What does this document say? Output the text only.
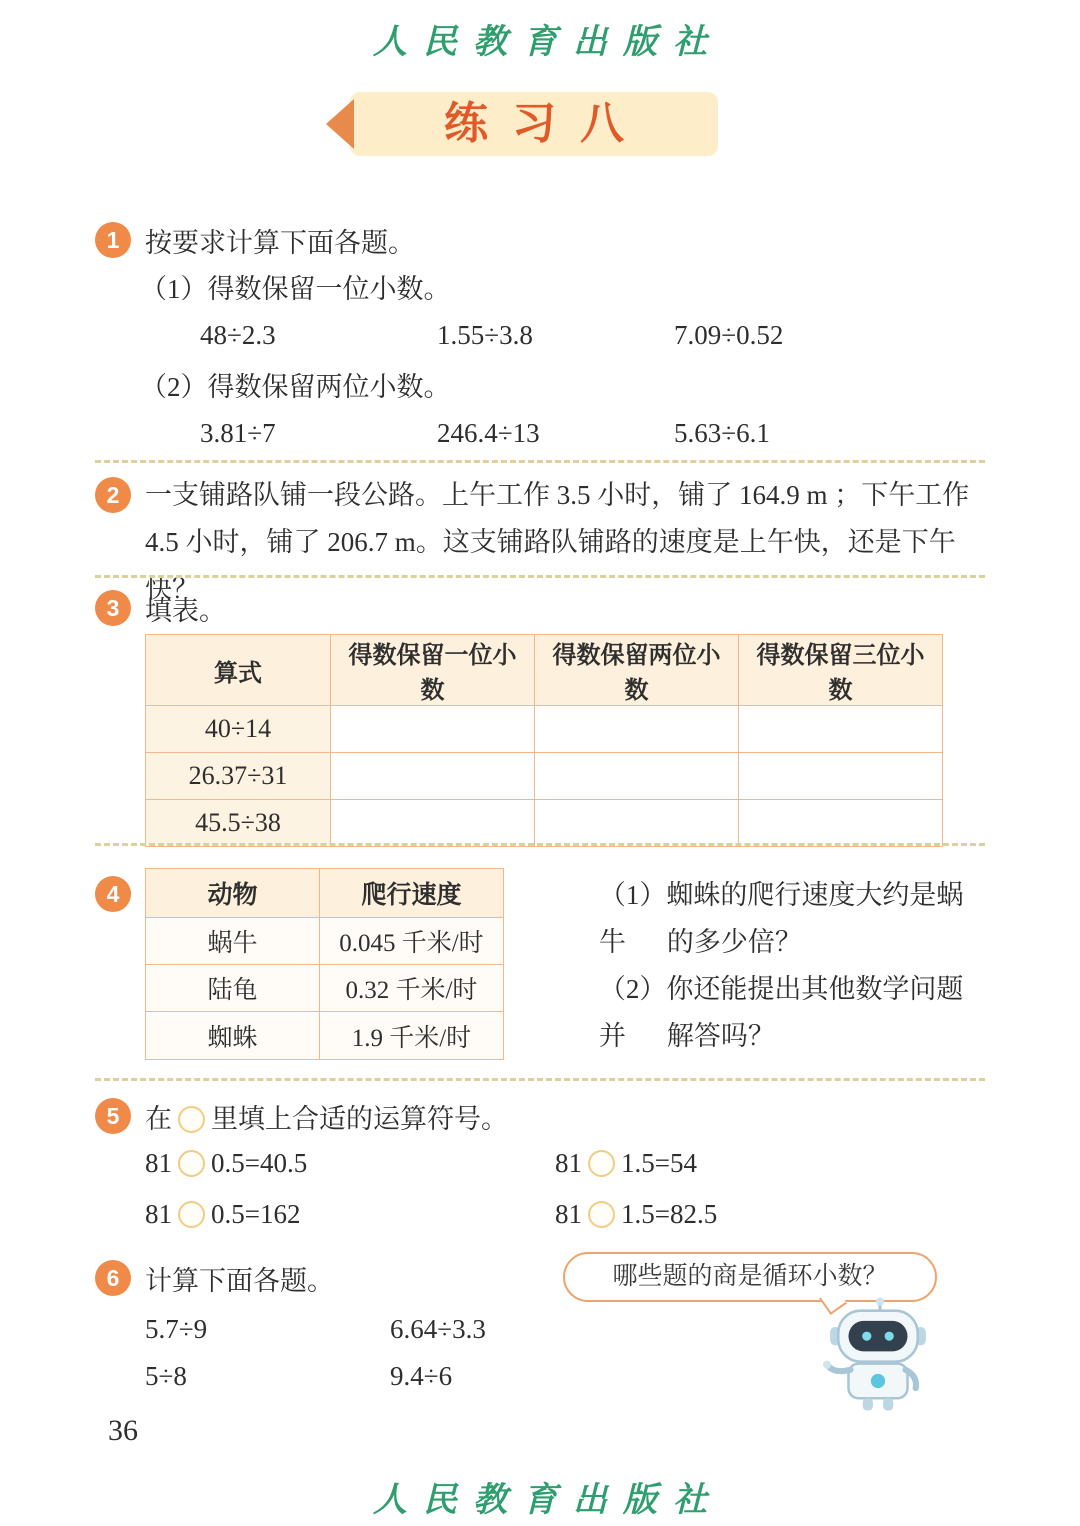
人民教育出版社
练习八
1 按要求计算下面各题。
（1）得数保留一位小数。
48÷2.3	1.55÷3.8	7.09÷0.52
（2）得数保留两位小数。
3.81÷7	246.4÷13	5.63÷6.1
2 一支铺路队铺一段公路。上午工作 3.5 小时，铺了 164.9 m ；下午工作
4.5 小时，铺了 206.7 m。这支铺路队铺路的速度是上午快，还是下午快？
3 填表。
算式	得数保留一位小数	得数保留两位小数	得数保留三位小数
40÷14			
26.37÷31			
45.5÷38			
4	动物	爬行速度
蜗牛	0.045 千米/时
陆龟	0.32 千米/时
蜘蛛	1.9 千米/时
（1）蜘蛛的爬行速度大约是蜗牛	的多少倍？
（2）你还能提出其他数学问题并	解答吗？
5 在 里填上合适的运算符号。
81 0.5=40.5	81 1.5=54
81 0.5=162	81 1.5=82.5
6 计算下面各题。
5.7÷9	6.64÷3.3
5÷8	9.4÷6
哪些题的商是循环小数？
36
人民教育出版社
